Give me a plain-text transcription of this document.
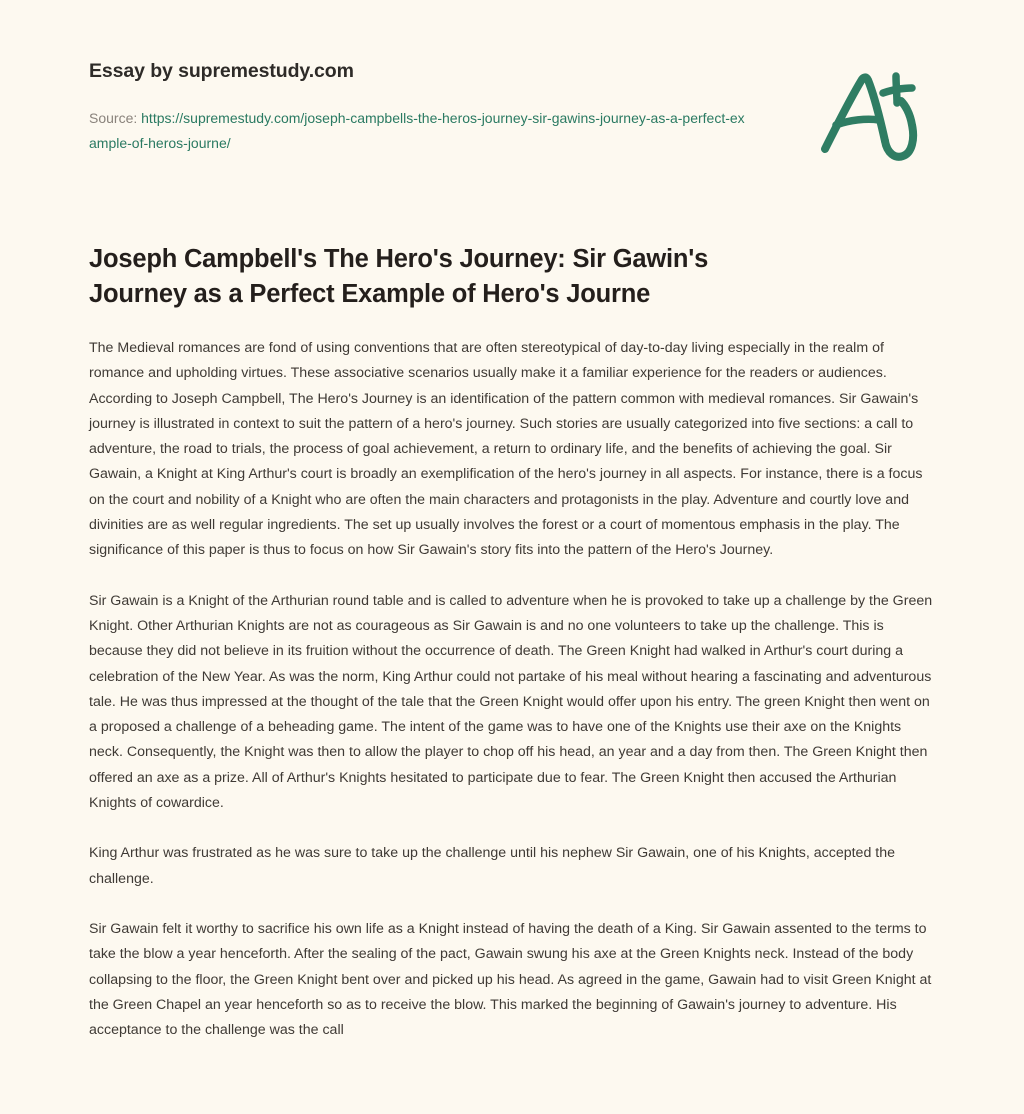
Essay by supremestudy.com
Source: https://supremestudy.com/joseph-campbells-the-heros-journey-sir-gawins-journey-as-a-perfect-example-of-heros-journe/
Joseph Campbell's The Hero's Journey: Sir Gawin's Journey as a Perfect Example of Hero's Journe

The Medieval romances are fond of using conventions that are often stereotypical of day-to-day living especially in the realm of romance and upholding virtues. These associative scenarios usually make it a familiar experience for the readers or audiences. According to Joseph Campbell, The Hero's Journey is an identification of the pattern common with medieval romances. Sir Gawain's journey is illustrated in context to suit the pattern of a hero's journey. Such stories are usually categorized into five sections: a call to adventure, the road to trials, the process of goal achievement, a return to ordinary life, and the benefits of achieving the goal. Sir Gawain, a Knight at King Arthur's court is broadly an exemplification of the hero's journey in all aspects. For instance, there is a focus on the court and nobility of a Knight who are often the main characters and protagonists in the play. Adventure and courtly love and divinities are as well regular ingredients. The set up usually involves the forest or a court of momentous emphasis in the play. The significance of this paper is thus to focus on how Sir Gawain's story fits into the pattern of the Hero's Journey.

Sir Gawain is a Knight of the Arthurian round table and is called to adventure when he is provoked to take up a challenge by the Green Knight. Other Arthurian Knights are not as courageous as Sir Gawain is and no one volunteers to take up the challenge. This is because they did not believe in its fruition without the occurrence of death. The Green Knight had walked in Arthur's court during a celebration of the New Year. As was the norm, King Arthur could not partake of his meal without hearing a fascinating and adventurous tale. He was thus impressed at the thought of the tale that the Green Knight would offer upon his entry. The green Knight then went on a proposed a challenge of a beheading game. The intent of the game was to have one of the Knights use their axe on the Knights neck. Consequently, the Knight was then to allow the player to chop off his head, an year and a day from then. The Green Knight then offered an axe as a prize. All of Arthur's Knights hesitated to participate due to fear. The Green Knight then accused the Arthurian Knights of cowardice.

King Arthur was frustrated as he was sure to take up the challenge until his nephew Sir Gawain, one of his Knights, accepted the challenge.

Sir Gawain felt it worthy to sacrifice his own life as a Knight instead of having the death of a King. Sir Gawain assented to the terms to take the blow a year henceforth. After the sealing of the pact, Gawain swung his axe at the Green Knights neck. Instead of the body collapsing to the floor, the Green Knight bent over and picked up his head. As agreed in the game, Gawain had to visit Green Knight at the Green Chapel an year henceforth so as to receive the blow. This marked the beginning of Gawain's journey to adventure. His acceptance to the challenge was the call
